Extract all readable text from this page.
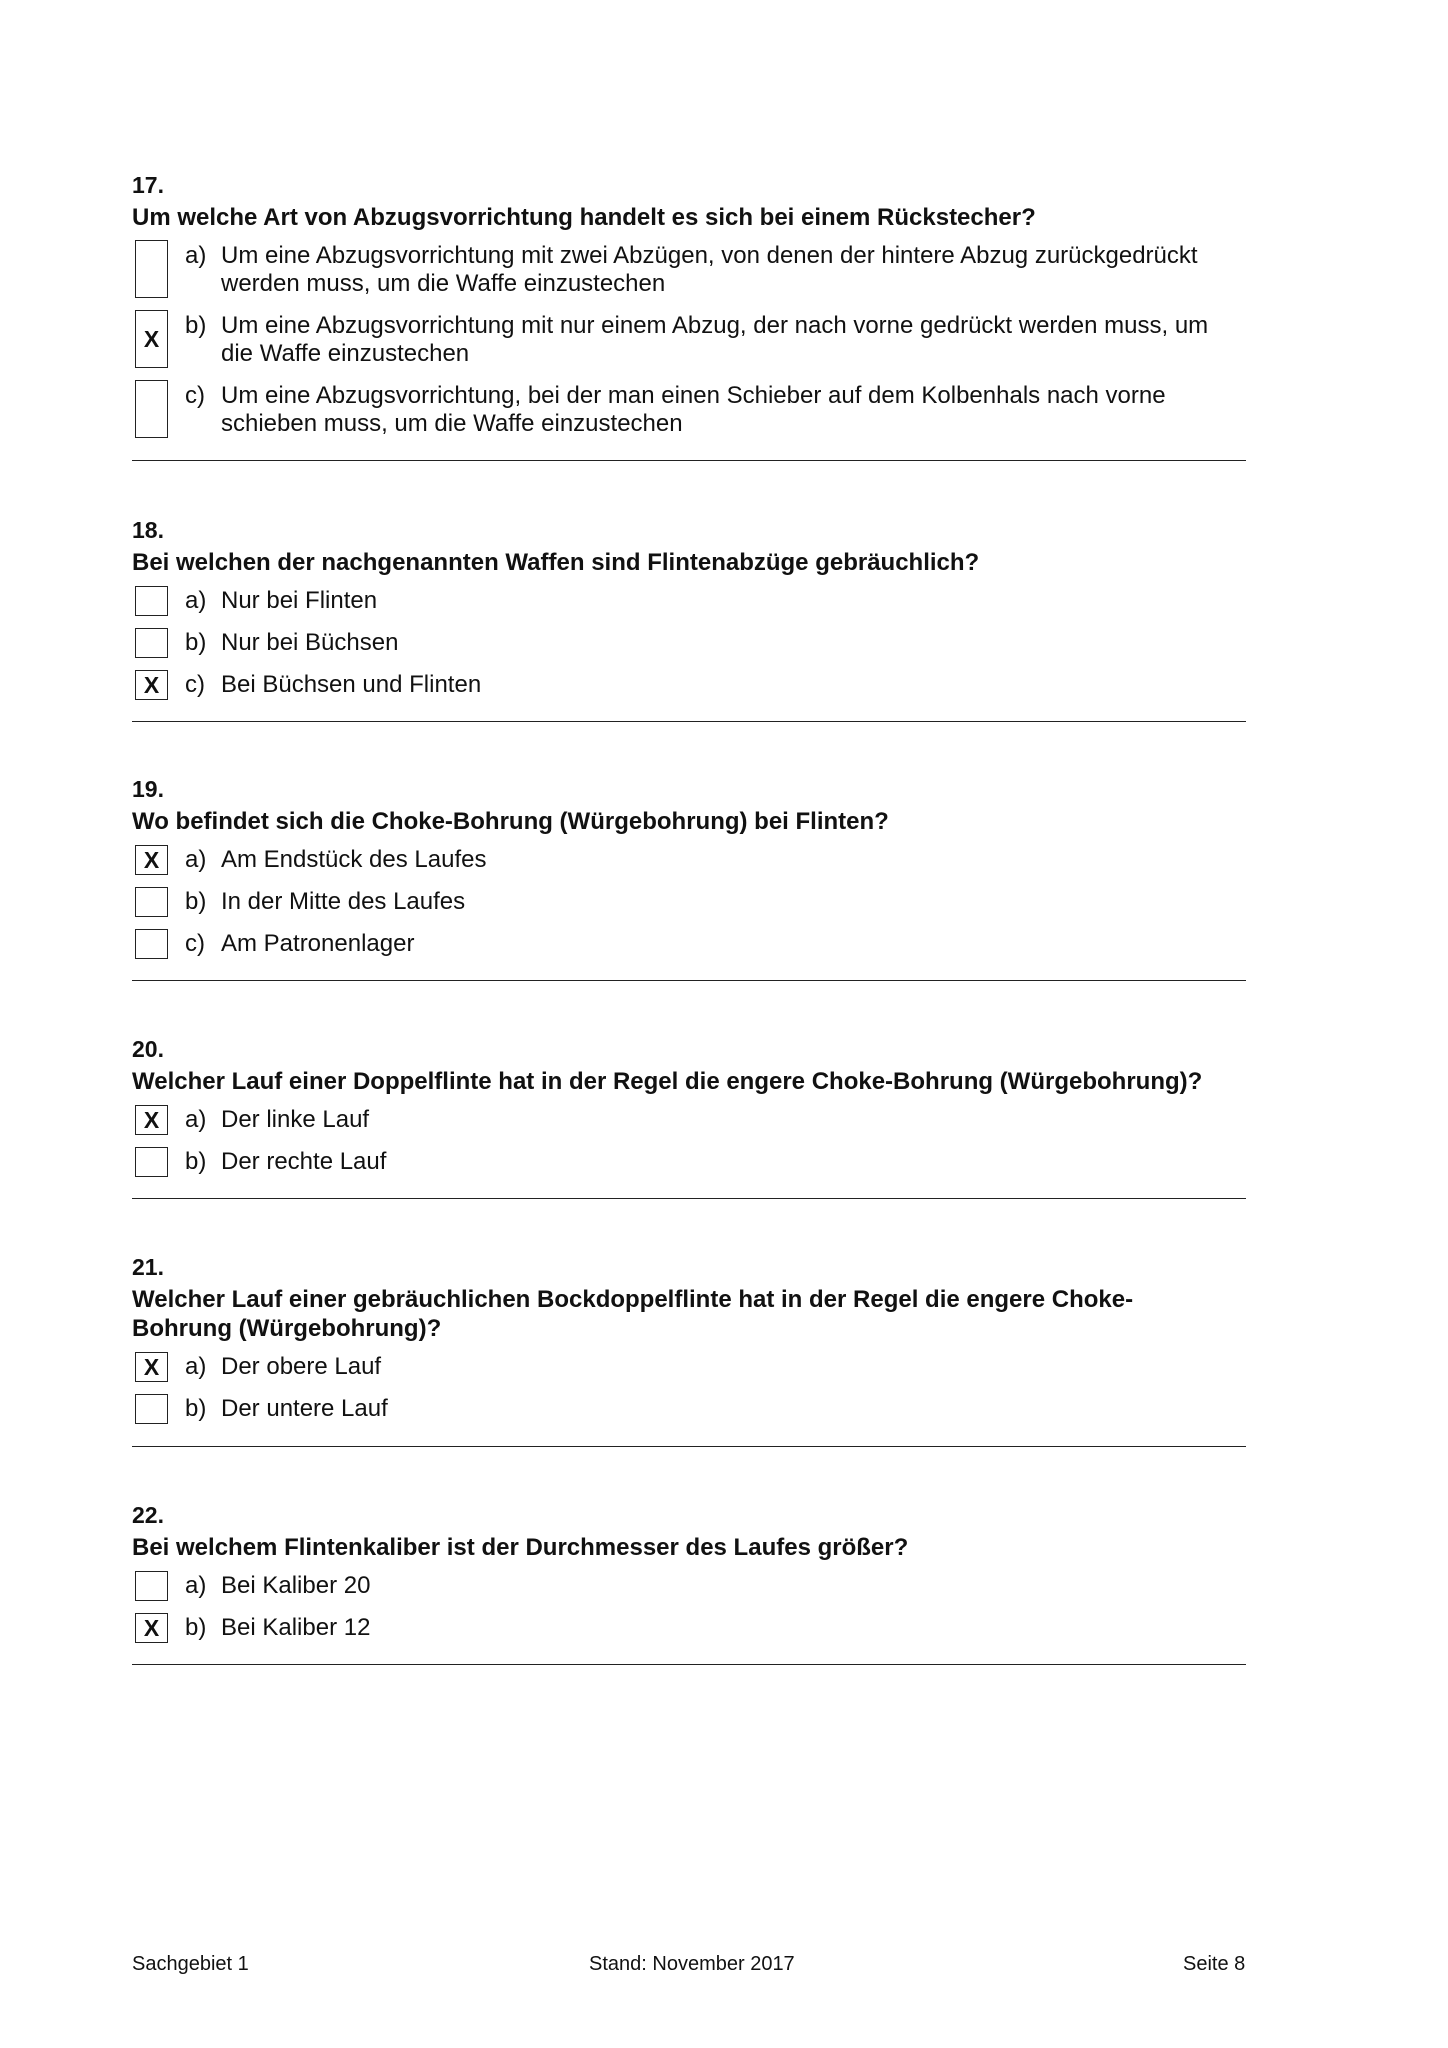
17.
Um welche Art von Abzugsvorrichtung handelt es sich bei einem Rückstecher?
a) Um eine Abzugsvorrichtung mit zwei Abzügen, von denen der hintere Abzug zurückgedrückt werden muss, um die Waffe einzustechen
X	b) Um eine Abzugsvorrichtung mit nur einem Abzug, der nach vorne gedrückt werden muss, um die Waffe einzustechen
c) Um eine Abzugsvorrichtung, bei der man einen Schieber auf dem Kolbenhals nach vorne schieben muss, um die Waffe einzustechen
18.
Bei welchen der nachgenannten Waffen sind Flintenabzüge gebräuchlich?
a) Nur bei Flinten
b) Nur bei Büchsen
X	c) Bei Büchsen und Flinten
19.
Wo befindet sich die Choke-Bohrung (Würgebohrung) bei Flinten?
X	a) Am Endstück des Laufes
b) In der Mitte des Laufes
c) Am Patronenlager
20.
Welcher Lauf einer Doppelflinte hat in der Regel die engere Choke-Bohrung (Würgebohrung)?
X	a) Der linke Lauf
b) Der rechte Lauf
21.
Welcher Lauf einer gebräuchlichen Bockdoppelflinte hat in der Regel die engere Choke-Bohrung (Würgebohrung)?
X	a) Der obere Lauf
b) Der untere Lauf
22.
Bei welchem Flintenkaliber ist der Durchmesser des Laufes größer?
a) Bei Kaliber 20
X	b) Bei Kaliber 12
Sachgebiet 1	Stand: November 2017	Seite 8
